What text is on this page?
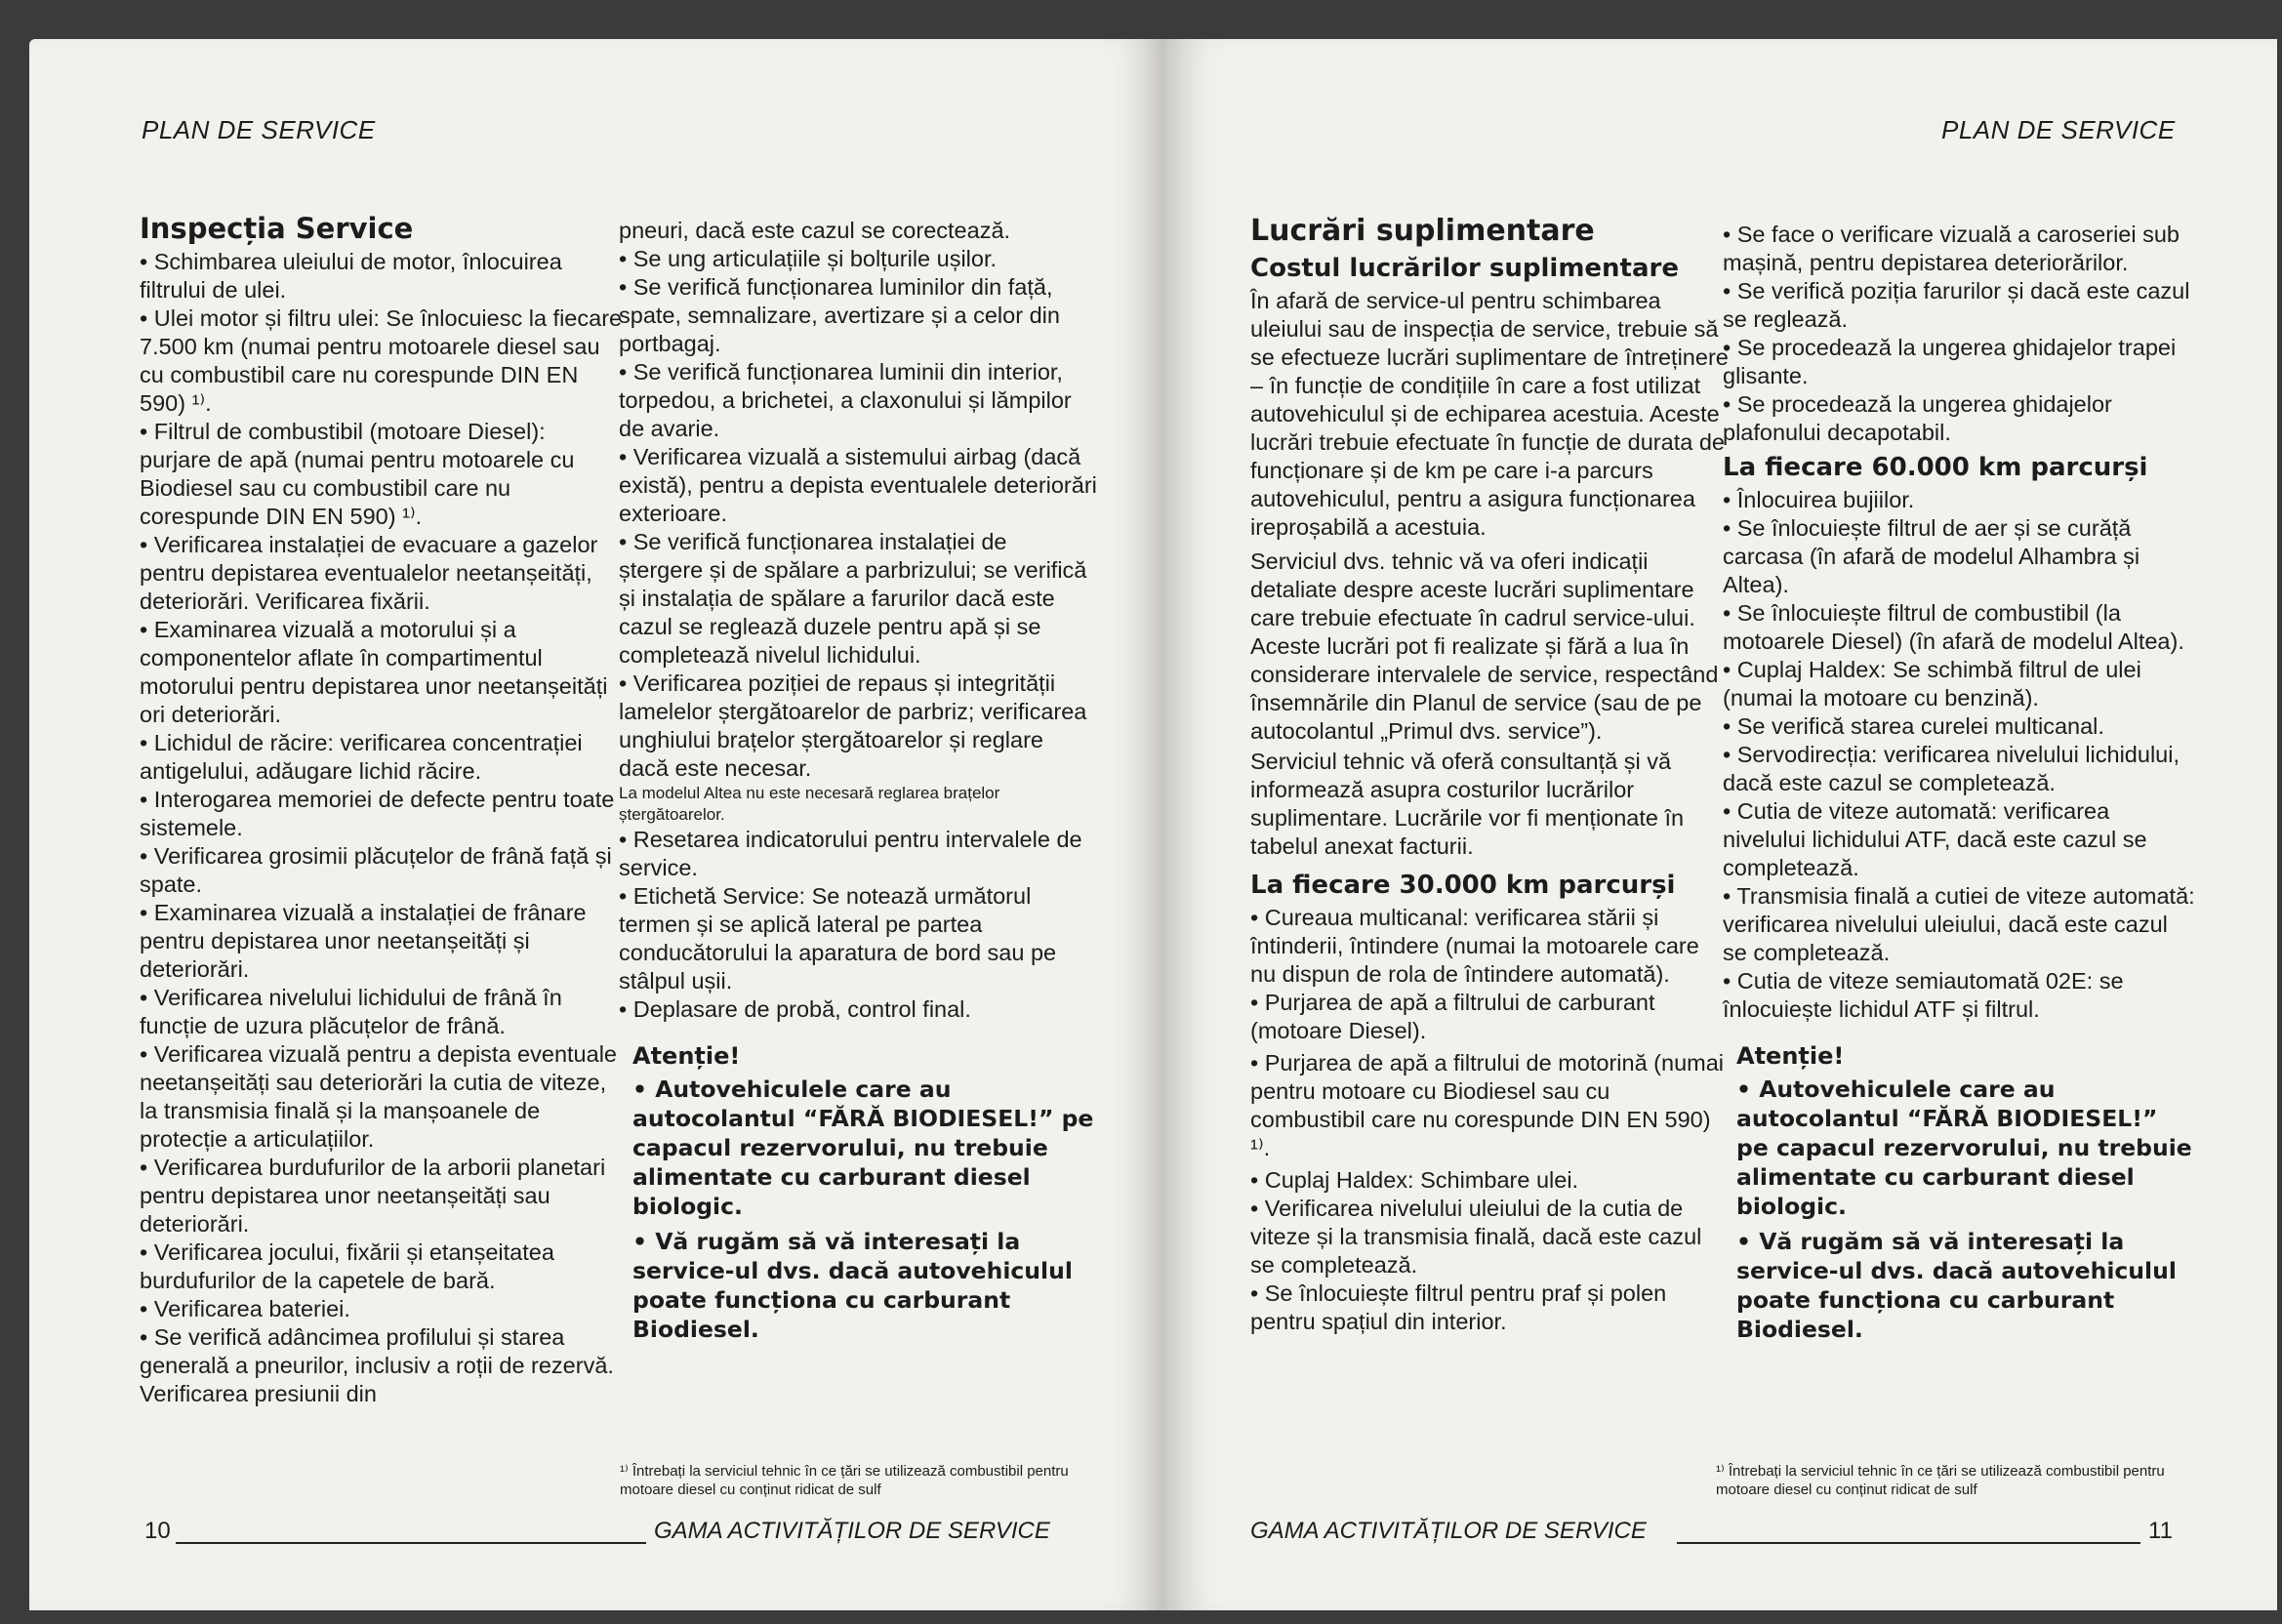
PLAN DE SERVICE

Inspecția Service

• Schimbarea uleiului de motor, înlocuirea filtrului de ulei.

• Ulei motor și filtru ulei: Se înlocuiesc la fiecare 7.500 km (numai pentru motoarele diesel sau cu combustibil care nu corespunde DIN EN 590) ¹⁾.

• Filtrul de combustibil (motoare Diesel): purjare de apă (numai pentru motoarele cu Biodiesel sau cu combustibil care nu corespunde DIN EN 590) ¹⁾.

• Verificarea instalației de evacuare a gazelor pentru depistarea eventualelor neetanșeități, deteriorări. Verificarea fixării.

• Examinarea vizuală a motorului și a componentelor aflate în compartimentul motorului pentru depistarea unor neetanșeități ori deteriorări.

• Lichidul de răcire: verificarea concentrației antigelului, adăugare lichid răcire.

• Interogarea memoriei de defecte pentru toate sistemele.

• Verificarea grosimii plăcuțelor de frână față și spate.

• Examinarea vizuală a instalației de frânare pentru depistarea unor neetanșeități și deteriorări.

• Verificarea nivelului lichidului de frână în funcție de uzura plăcuțelor de frână.

• Verificarea vizuală pentru a depista eventuale neetanșeități sau deteriorări la cutia de viteze, la transmisia finală și la manșoanele de protecție a articulațiilor.

• Verificarea burdufurilor de la arborii planetari pentru depistarea unor neetanșeități sau deteriorări.

• Verificarea jocului, fixării și etanșeitatea burdufurilor de la capetele de bară.

• Verificarea bateriei.

• Se verifică adâncimea profilului și starea generală a pneurilor, inclusiv a roții de rezervă. Verificarea presiunii din

pneuri, dacă este cazul se corectează.

• Se ung articulațiile și bolțurile ușilor.

• Se verifică funcționarea luminilor din față, spate, semnalizare, avertizare și a celor din portbagaj.

• Se verifică funcționarea luminii din interior, torpedou, a brichetei, a claxonului și lămpilor de avarie.

• Verificarea vizuală a sistemului airbag (dacă există), pentru a depista eventualele deteriorări exterioare.

• Se verifică funcționarea instalației de ștergere și de spălare a parbrizului; se verifică și instalația de spălare a farurilor dacă este cazul se reglează duzele pentru apă și se completează nivelul lichidului.

• Verificarea poziției de repaus și integrității lamelelor ștergătoarelor de parbriz; verificarea unghiului brațelor ștergătoarelor și reglare dacă este necesar.

La modelul Altea nu este necesară reglarea brațelor ștergătoarelor.

• Resetarea indicatorului pentru intervalele de service.

• Etichetă Service: Se notează următorul termen și se aplică lateral pe partea conducătorului la aparatura de bord sau pe stâlpul ușii.

• Deplasare de probă, control final.

Atenție!

• Autovehiculele care au autocolantul “FĂRĂ BIODIESEL!” pe capacul rezervorului, nu trebuie alimentate cu carburant diesel biologic.

• Vă rugăm să vă interesați la service-ul dvs. dacă autovehiculul poate funcționa cu carburant Biodiesel.

¹⁾ Întrebați la serviciul tehnic în ce țări se utilizează combustibil pentru motoare diesel cu conținut ridicat de sulf
10	GAMA ACTIVITĂȚILOR DE SERVICE
PLAN DE SERVICE

Lucrări suplimentare

Costul lucrărilor suplimentare

În afară de service-ul pentru schimbarea uleiului sau de inspecția de service, trebuie să se efectueze lucrări suplimentare de întreținere – în funcție de condițiile în care a fost utilizat autovehiculul și de echiparea acestuia. Aceste lucrări trebuie efectuate în funcție de durata de funcționare și de km pe care i-a parcurs autovehiculul, pentru a asigura funcționarea ireproșabilă a acestuia.

Serviciul dvs. tehnic vă va oferi indicații detaliate despre aceste lucrări suplimentare care trebuie efectuate în cadrul service-ului. Aceste lucrări pot fi realizate și fără a lua în considerare intervalele de service, respectând însemnările din Planul de service (sau de pe autocolantul „Primul dvs. service”).

Serviciul tehnic vă oferă consultanță și vă informează asupra costurilor lucrărilor suplimentare. Lucrările vor fi menționate în tabelul anexat facturii.

La fiecare 30.000 km parcurși

• Cureaua multicanal: verificarea stării și întinderii, întindere (numai la motoarele care nu dispun de rola de întindere automată).

• Purjarea de apă a filtrului de carburant (motoare Diesel).

• Purjarea de apă a filtrului de motorină (numai pentru motoare cu Biodiesel sau cu combustibil care nu corespunde DIN EN 590) ¹⁾.

• Cuplaj Haldex: Schimbare ulei.

• Verificarea nivelului uleiului de la cutia de viteze și la transmisia finală, dacă este cazul se completează.

• Se înlocuiește filtrul pentru praf și polen pentru spațiul din interior.

• Se face o verificare vizuală a caroseriei sub mașină, pentru depistarea deteriorărilor.

• Se verifică poziția farurilor și dacă este cazul se reglează.

• Se procedează la ungerea ghidajelor trapei glisante.

• Se procedează la ungerea ghidajelor plafonului decapotabil.

La fiecare 60.000 km parcurși

• Înlocuirea bujiilor.

• Se înlocuiește filtrul de aer și se curăță carcasa (în afară de modelul Alhambra și Altea).

• Se înlocuiește filtrul de combustibil (la motoarele Diesel) (în afară de modelul Altea).

• Cuplaj Haldex: Se schimbă filtrul de ulei (numai la motoare cu benzină).

• Se verifică starea curelei multicanal.

• Servodirecția: verificarea nivelului lichidului, dacă este cazul se completează.

• Cutia de viteze automată: verificarea nivelului lichidului ATF, dacă este cazul se completează.

• Transmisia finală a cutiei de viteze automată: verificarea nivelului uleiului, dacă este cazul se completează.

• Cutia de viteze semiautomată 02E: se înlocuiește lichidul ATF și filtrul.

Atenție!

• Autovehiculele care au autocolantul “FĂRĂ BIODIESEL!” pe capacul rezervorului, nu trebuie alimentate cu carburant diesel biologic.

• Vă rugăm să vă interesați la service-ul dvs. dacă autovehiculul poate funcționa cu carburant Biodiesel.

¹⁾ Întrebați la serviciul tehnic în ce țări se utilizează combustibil pentru motoare diesel cu conținut ridicat de sulf
GAMA ACTIVITĂȚILOR DE SERVICE	11
